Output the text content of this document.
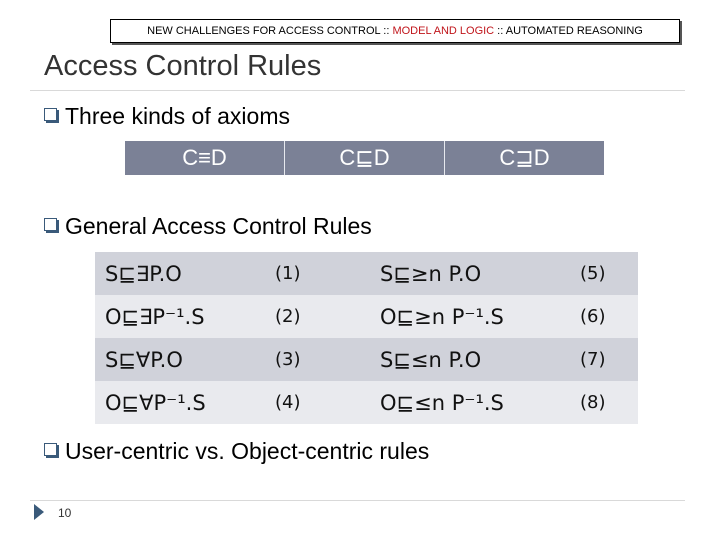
NEW CHALLENGES FOR ACCESS CONTROL :: MODEL AND LOGIC :: AUTOMATED REASONING
Access Control Rules
Three kinds of axioms
C≡D	C⊑D	C⊒D
General Access Control Rules
S⊑∃P.O	(1)	S⊑≥n P.O	(5)
O⊑∃P⁻¹.S	(2)	O⊑≥n P⁻¹.S	(6)
S⊑∀P.O	(3)	S⊑≤n P.O	(7)
O⊑∀P⁻¹.S	(4)	O⊑≤n P⁻¹.S	(8)
User-centric vs. Object-centric rules
10
